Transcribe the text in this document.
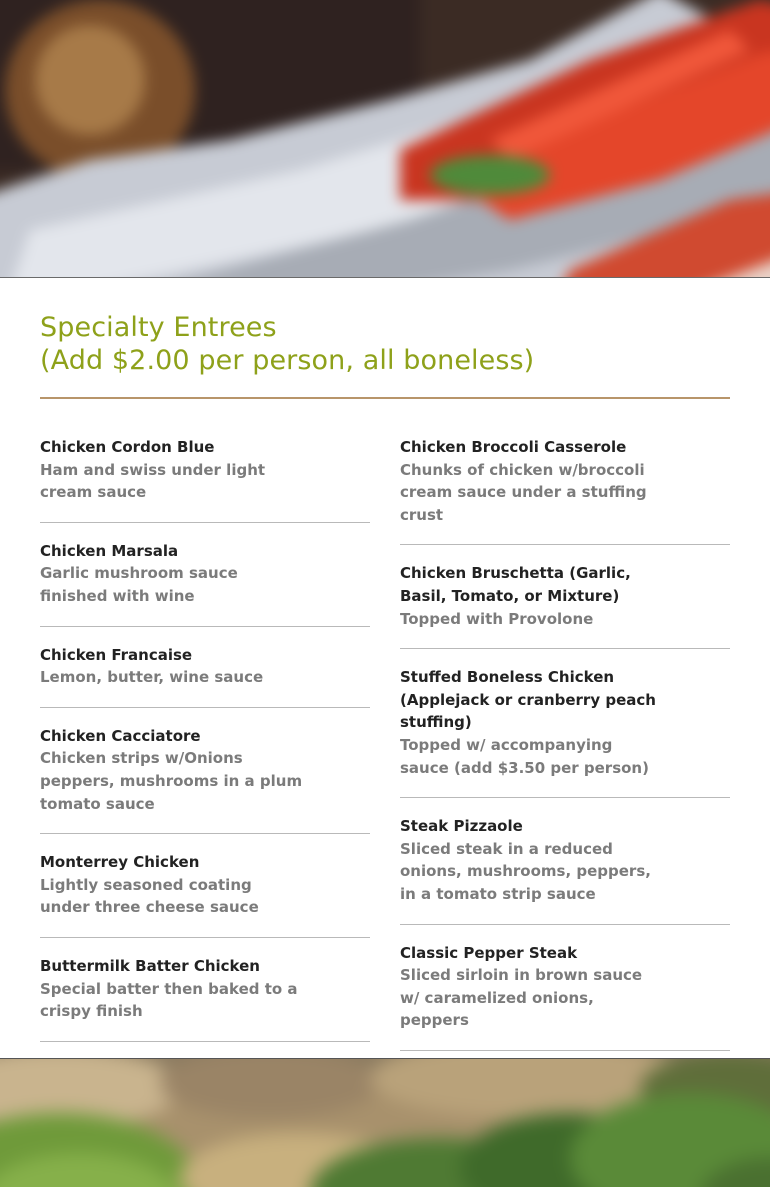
Specialty Entrees
(Add $2.00 per person, all boneless)

Chicken Cordon Blue

Ham and swiss under light cream sauce

Chicken Marsala

Garlic mushroom sauce finished with wine

Chicken Francaise

Lemon, butter, wine sauce

Chicken Cacciatore

Chicken strips w/Onions peppers, mushrooms in a plum tomato sauce

Monterrey Chicken

Lightly seasoned coating under three cheese sauce

Buttermilk Batter Chicken

Special batter then baked to a crispy finish

Chicken Broccoli Casserole

Chunks of chicken w/broccoli cream sauce under a stuffing crust

Chicken Bruschetta (Garlic, Basil, Tomato, or Mixture)

Topped with Provolone

Stuffed Boneless Chicken (Applejack or cranberry peach stuffing)

Topped w/ accompanying sauce (add $3.50 per person)

Steak Pizzaole

Sliced steak in a reduced onions, mushrooms, peppers, in a tomato strip sauce

Classic Pepper Steak

Sliced sirloin in brown sauce w/ caramelized onions, peppers
